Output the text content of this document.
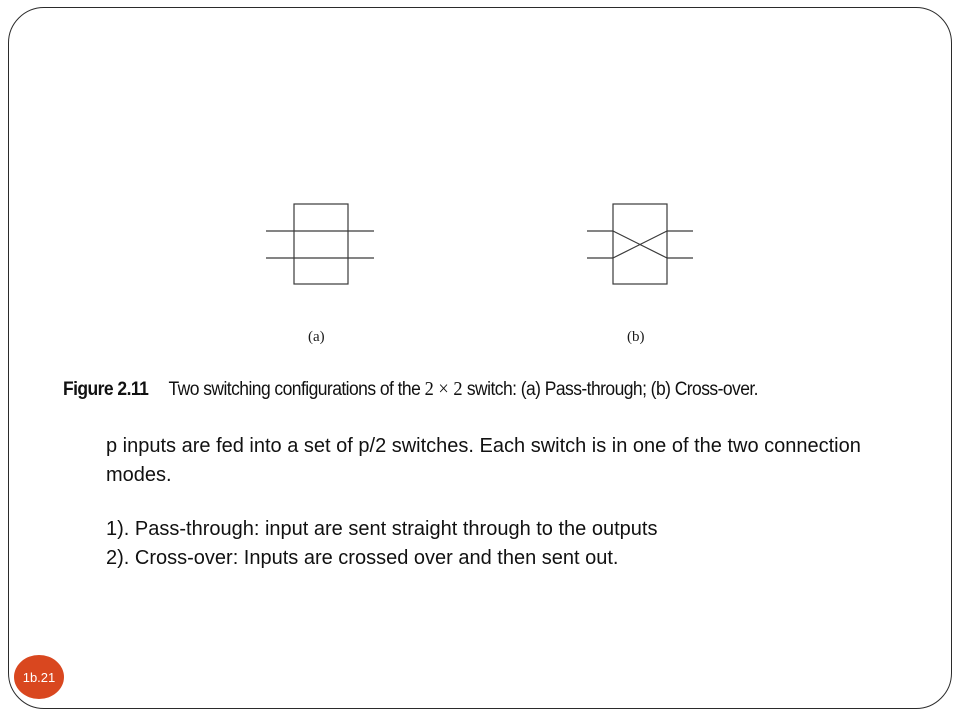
(a)	(b)
Figure 2.11 Two switching configurations of the 2 × 2 switch: (a) Pass-through; (b) Cross-over.

p inputs are fed into a set of p/2 switches. Each switch is in one of the two connection modes.

1). Pass-through: input are sent straight through to the outputs

2). Cross-over: Inputs are crossed over and then sent out.

1b.21
